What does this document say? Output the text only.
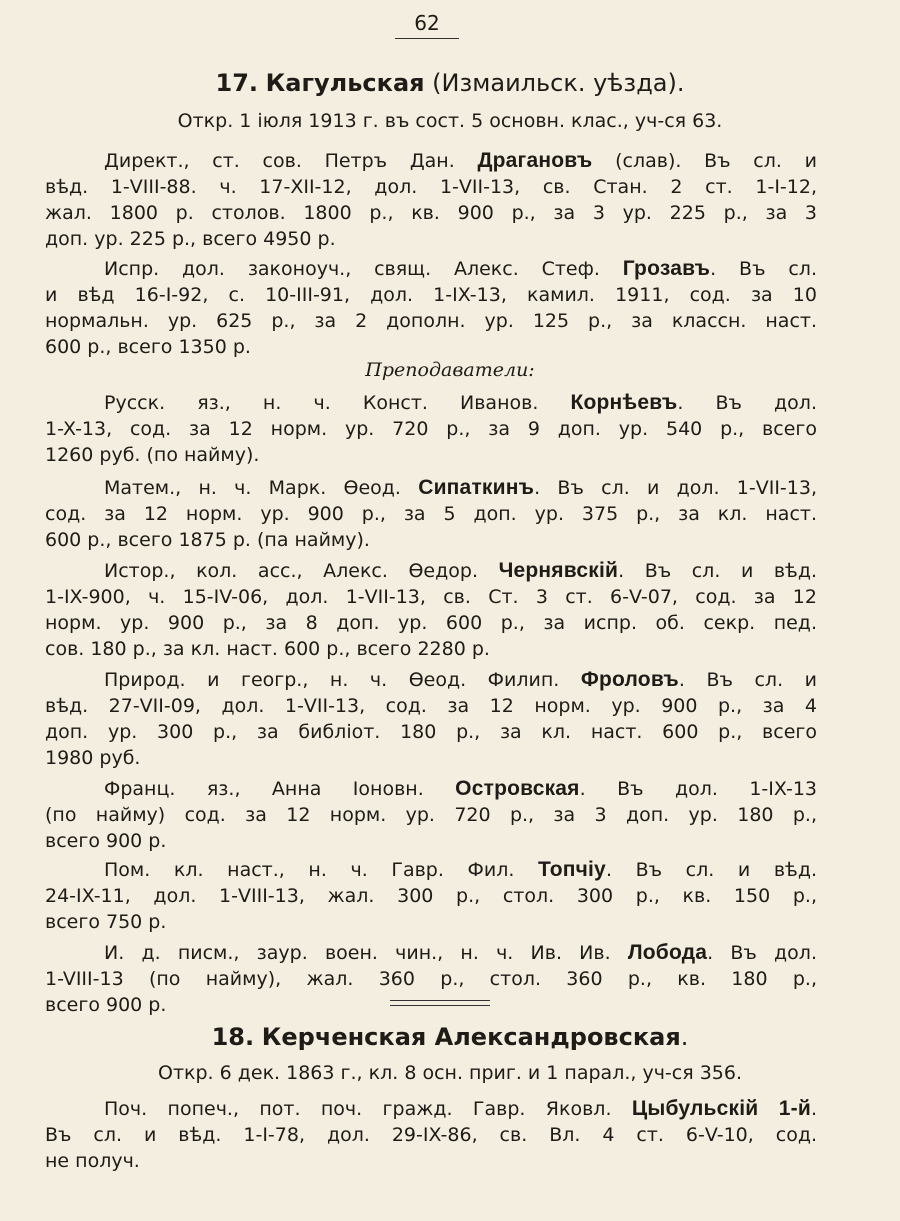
62
17. Кагульская (Измаильск. уѣзда).

Откр. 1 іюля 1913 г. въ сост. 5 основн. клас., уч-ся 63.

Директ., ст. сов. Петръ Дан. Драгановъ (слав). Въ сл. и

вѣд. 1-VIII-88. ч. 17-XII-12, дол. 1-VII-13, св. Стан. 2 ст. 1-I-12,

жал. 1800 р. столов. 1800 р., кв. 900 р., за 3 ур. 225 р., за 3

доп. ур. 225 р., всего 4950 р.

Испр. дол. законоуч., свящ. Алекс. Стеф. Грозавъ. Въ сл.

и вѣд 16-I-92, с. 10-III-91, дол. 1-IX-13, камил. 1911, сод. за 10

нормальн. ур. 625 р., за 2 дополн. ур. 125 р., за классн. наст.

600 р., всего 1350 р.

Преподаватели:

Русск. яз., н. ч. Конст. Иванов. Корнѣевъ. Въ дол.

1-X-13, сод. за 12 норм. ур. 720 р., за 9 доп. ур. 540 р., всего

1260 руб. (по найму).

Матем., н. ч. Марк. Ѳеод. Сипаткинъ. Въ сл. и дол. 1-VII-13,

сод. за 12 норм. ур. 900 р., за 5 доп. ур. 375 р., за кл. наст.

600 р., всего 1875 р. (па найму).

Истор., кол. асс., Алекс. Ѳедор. Чернявскій. Въ сл. и вѣд.

1-IX-900, ч. 15-IV-06, дол. 1-VII-13, св. Ст. 3 ст. 6-V-07, сод. за 12

норм. ур. 900 р., за 8 доп. ур. 600 р., за испр. об. секр. пед.

сов. 180 р., за кл. наст. 600 р., всего 2280 р.

Природ. и геогр., н. ч. Ѳеод. Филип. Фроловъ. Въ сл. и

вѣд. 27-VII-09, дол. 1-VII-13, сод. за 12 норм. ур. 900 р., за 4

доп. ур. 300 р., за библіот. 180 р., за кл. наст. 600 р., всего

1980 руб.

Франц. яз., Анна Іоновн. Островская. Въ дол. 1-IX-13

(по найму) сод. за 12 норм. ур. 720 р., за 3 доп. ур. 180 р.,

всего 900 р.

Пом. кл. наст., н. ч. Гавр. Фил. Топчіу. Въ сл. и вѣд.

24-IX-11, дол. 1-VIII-13, жал. 300 р., стол. 300 р., кв. 150 р.,

всего 750 р.

И. д. писм., заур. воен. чин., н. ч. Ив. Ив. Лобода. Въ дол.

1-VIII-13 (по найму), жал. 360 р., стол. 360 р., кв. 180 р.,

всего 900 р.

18. Керченская Александровская.

Откр. 6 дек. 1863 г., кл. 8 осн. приг. и 1 парал., уч-ся 356.

Поч. попеч., пот. поч. гражд. Гавр. Яковл. Цыбульскій 1-й.

Въ сл. и вѣд. 1-I-78, дол. 29-IX-86, св. Вл. 4 ст. 6-V-10, сод.

не получ.
